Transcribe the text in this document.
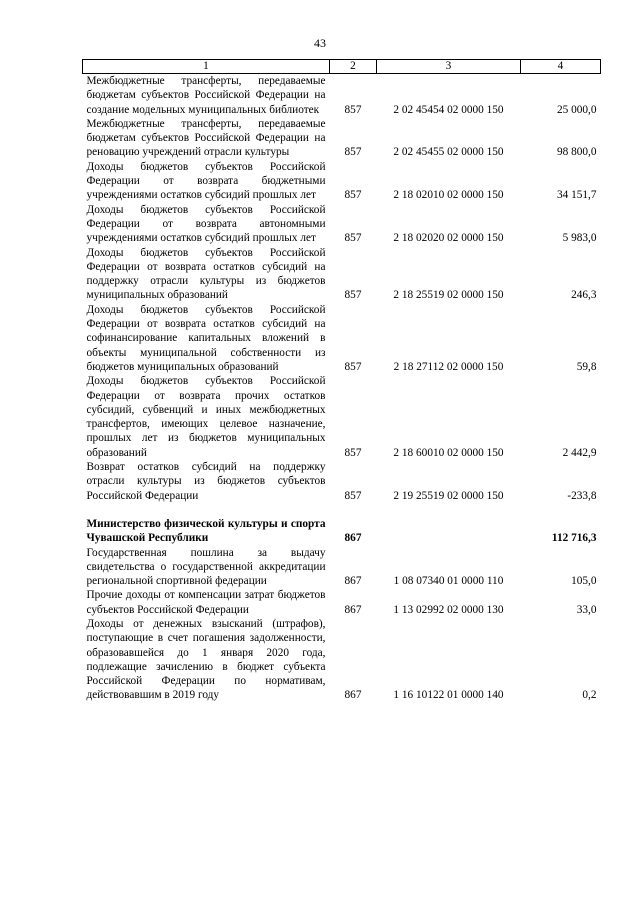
43
1	2	3	4
Межбюджетные трансферты, передаваемые бюджетам субъектов Российской Федерации на создание модельных муниципальных библиотек	857	2 02 45454 02 0000 150	25 000,0
Межбюджетные трансферты, передаваемые бюджетам субъектов Российской Федерации на реновацию учреждений отрасли культуры	857	2 02 45455 02 0000 150	98 800,0
Доходы бюджетов субъектов Российской Федерации от возврата бюджетными учреждениями остатков субсидий прошлых лет	857	2 18 02010 02 0000 150	34 151,7
Доходы бюджетов субъектов Российской Федерации от возврата автономными учреждениями остатков субсидий прошлых лет	857	2 18 02020 02 0000 150	5 983,0
Доходы бюджетов субъектов Российской Федерации от возврата остатков субсидий на поддержку отрасли культуры из бюджетов муниципальных образований	857	2 18 25519 02 0000 150	246,3
Доходы бюджетов субъектов Российской Федерации от возврата остатков субсидий на софинансирование капитальных вложений в объекты муниципальной собственности из бюджетов муниципальных образований	857	2 18 27112 02 0000 150	59,8
Доходы бюджетов субъектов Российской Федерации от возврата прочих остатков субсидий, субвенций и иных межбюджетных трансфертов, имеющих целевое назначение, прошлых лет из бюджетов муниципальных образований	857	2 18 60010 02 0000 150	2 442,9
Возврат остатков субсидий на поддержку отрасли культуры из бюджетов субъектов Российской Федерации	857	2 19 25519 02 0000 150	-233,8
Министерство физической культуры и спорта Чувашской Республики	867		112 716,3
Государственная пошлина за выдачу свидетельства о государственной аккредитации региональной спортивной федерации	867	1 08 07340 01 0000 110	105,0
Прочие доходы от компенсации затрат бюджетов субъектов Российской Федерации	867	1 13 02992 02 0000 130	33,0
Доходы от денежных взысканий (штрафов), поступающие в счет погашения задолженности, образовавшейся до 1 января 2020 года, подлежащие зачислению в бюджет субъекта Российской Федерации по нормативам, действовавшим в 2019 году	867	1 16 10122 01 0000 140	0,2
